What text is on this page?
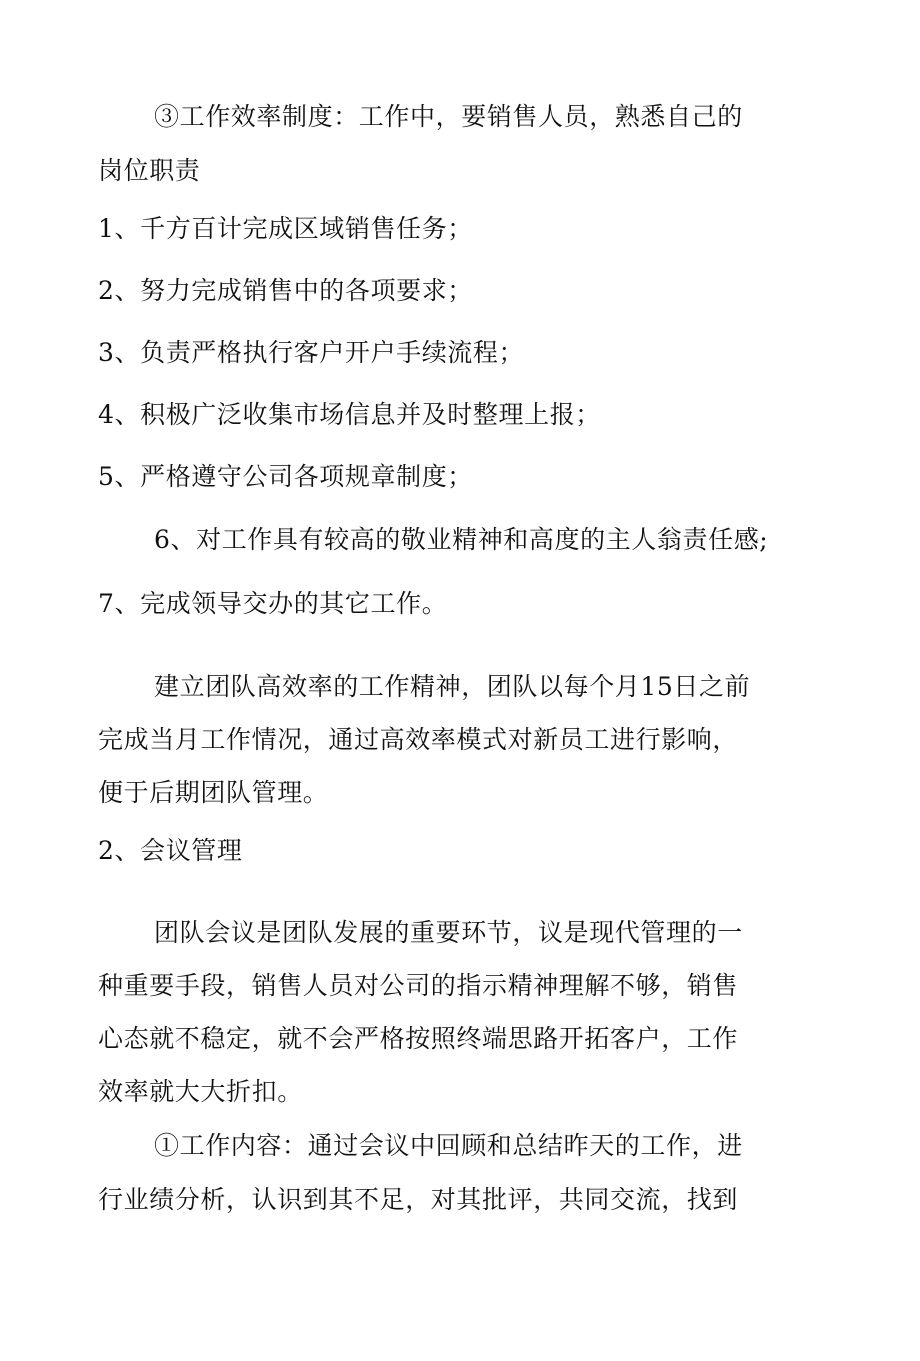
③工作效率制度：工作中，要销售人员，熟悉自己的
岗位职责
1、千方百计完成区域销售任务；
2、努力完成销售中的各项要求；
3、负责严格执行客户开户手续流程；
4、积极广泛收集市场信息并及时整理上报；
5、严格遵守公司各项规章制度；
6、对工作具有较高的敬业精神和高度的主人翁责任感;
7、完成领导交办的其它工作。
建立团队高效率的工作精神，团队以每个月15日之前
完成当月工作情况，通过高效率模式对新员工进行影响，
便于后期团队管理。
2、会议管理
团队会议是团队发展的重要环节，议是现代管理的一
种重要手段，销售人员对公司的指示精神理解不够，销售
心态就不稳定，就不会严格按照终端思路开拓客户，工作
效率就大大折扣。
①工作内容：通过会议中回顾和总结昨天的工作，进
行业绩分析，认识到其不足，对其批评，共同交流，找到
